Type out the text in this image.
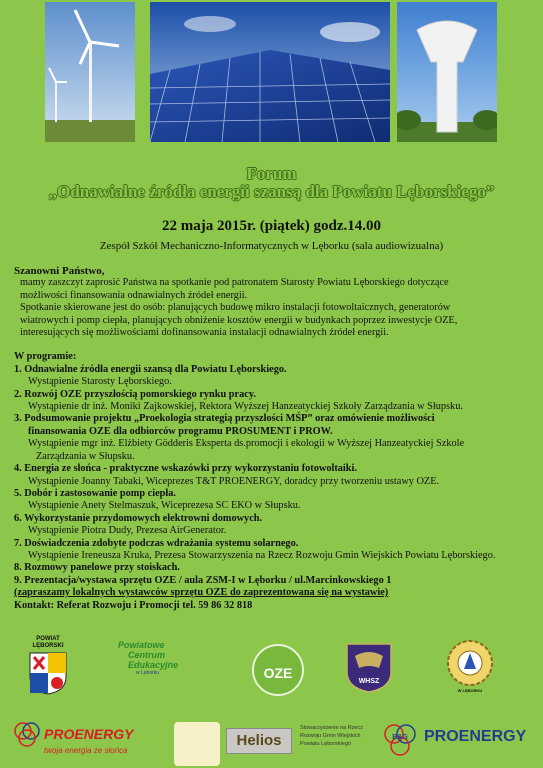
Forum
„Odnawialne źródła energii szansą dla Powiatu Lęborskiego”
22 maja 2015r. (piątek) godz.14.00
Zespół Szkół Mechaniczno-Informatycznych w Lęborku (sala audiowizualna)

Szanowni Państwo,

mamy zaszczyt zaprosić Państwa na spotkanie pod patronatem Starosty Powiatu Lęborskiego dotyczące

możliwości finansowania odnawialnych źródeł energii.

Spotkanie skierowane jest do osób: planujących budowę mikro instalacji fotowoltaicznych, generatorów

wiatrowych i pomp ciepła, planujących obniżenie kosztów energii w budynkach poprzez inwestycje OZE,

interesujących się możliwościami dofinansowania instalacji odnawialnych źródeł energii.

W programie:

1. Odnawialne źródła energii szansą dla Powiatu Lęborskiego.

Wystąpienie Starosty Lęborskiego.

2. Rozwój OZE przyszłością pomorskiego rynku pracy.

Wystąpienie dr inż. Moniki Zajkowskiej, Rektora Wyższej Hanzeatyckiej Szkoły Zarządzania w Słupsku.

3. Podsumowanie projektu „Proekologia strategią przyszłości MŚP” oraz omówienie możliwości

finansowania OZE dla odbiorców programu PROSUMENT i PROW.

Wystąpienie mgr inż. Elżbiety Gödderis Eksperta ds.promocji i ekologii w Wyższej Hanzeatyckiej Szkole

Zarządzania w Słupsku.

4. Energia ze słońca - praktyczne wskazówki przy wykorzystaniu fotowoltaiki.

Wystąpienie Joanny Tabaki, Wiceprezes T&T PROENERGY, doradcy przy tworzeniu ustawy OZE.

5. Dobór i zastosowanie pomp ciepła.

Wystąpienie Anety Stelmaszuk, Wiceprezesa SC EKO w Słupsku.

6. Wykorzystanie przydomowych elektrowni domowych.

Wystąpienie Piotra Dudy, Prezesa AirGenerator.

7. Doświadczenia zdobyte podczas wdrażania systemu solarnego.

Wystąpienie Ireneusza Kruka, Prezesa Stowarzyszenia na Rzecz Rozwoju Gmin Wiejskich Powiatu Lęborskiego.

8. Rozmowy panelowe przy stoiskach.

9. Prezentacja/wystawa sprzętu OZE / aula ZSM-I w Lęborku / ul.Marcinkowskiego 1

(zapraszamy lokalnych wystawców sprzętu OZE do zaprezentowana się na wystawie)

Kontakt: Referat Rozwoju i Promocji tel. 59 86 32 818

POWIAT
LĘBORSKI	Powiatowe
Centrum
Edukacyjne
w Lęborku	OZE
WHSZ
W LĘBORKU
PROENERGY
twoja energia ze słońca
Helios
Stowarzyszenie na Rzecz
Rozwoju Gmin Wiejskich
Powiatu Lęborskiego
B&G	PROENERGY
